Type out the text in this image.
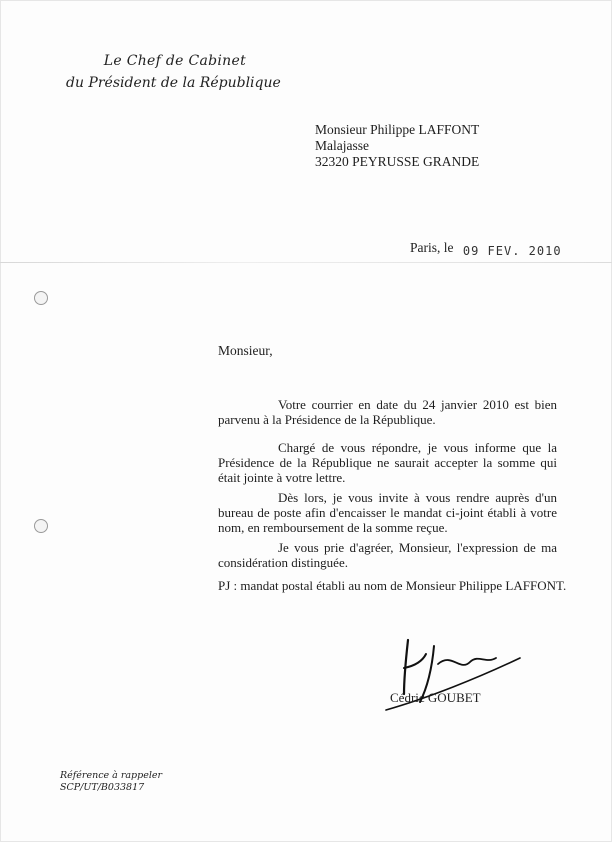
Le Chef de Cabinet
du Président de la République
Monsieur Philippe LAFFONT
Malajasse
32320 PEYRUSSE GRANDE
Paris, le 09 FEV. 2010
Monsieur,

Votre courrier en date du 24 janvier 2010 est bien parvenu à la Présidence de la République.

Chargé de vous répondre, je vous informe que la Présidence de la République ne saurait accepter la somme qui était jointe à votre lettre.

Dès lors, je vous invite à vous rendre auprès d'un bureau de poste afin d'encaisser le mandat ci-joint établi à votre nom, en remboursement de la somme reçue.

Je vous prie d'agréer, Monsieur, l'expression de ma considération distinguée.

PJ : mandat postal établi au nom de Monsieur Philippe LAFFONT.
Cédric GOUBET
Référence à rappeler
SCP/UT/B033817
